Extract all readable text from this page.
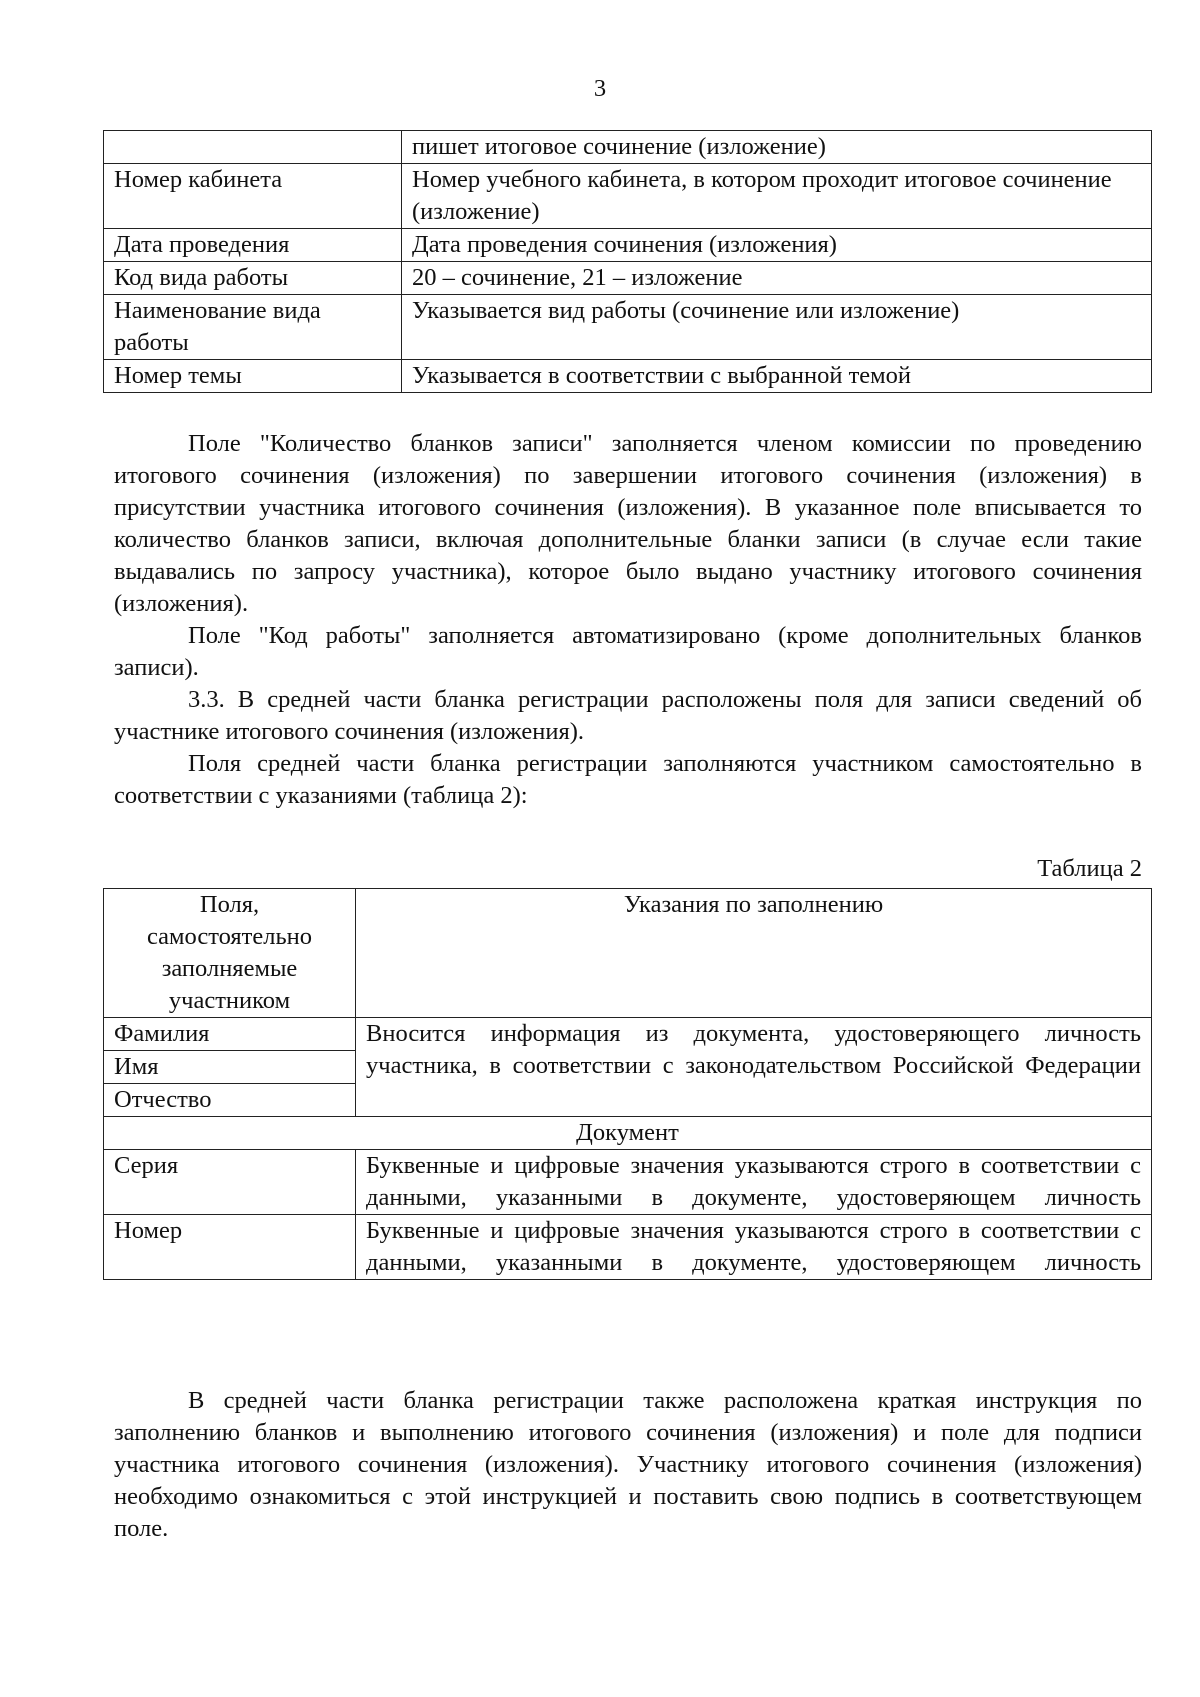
3
	пишет итоговое сочинение (изложение)
Номер кабинета	Номер учебного кабинета, в котором проходит итоговое сочинение (изложение)
Дата проведения	Дата проведения сочинения (изложения)
Код вида работы	20 – сочинение, 21 – изложение
Наименование вида работы	Указывается вид работы (сочинение или изложение)
Номер темы	Указывается в соответствии с выбранной темой

Поле "Количество бланков записи" заполняется членом комиссии по проведению итогового сочинения (изложения) по завершении итогового сочинения (изложения) в присутствии участника итогового сочинения (изложения). В указанное поле вписывается то количество бланков записи, включая дополнительные бланки записи (в случае если такие выдавались по запросу участника), которое было выдано участнику итогового сочинения (изложения).

Поле "Код работы" заполняется автоматизировано (кроме дополнительных бланков записи).

3.3. В средней части бланка регистрации расположены поля для записи сведений об участнике итогового сочинения (изложения).

Поля средней части бланка регистрации заполняются участником самостоятельно в соответствии с указаниями (таблица 2):

Таблица 2
Поля, самостоятельно заполняемые участником	Указания по заполнению
Фамилия	Вносится информация из документа, удостоверяющего личность участника, в соответствии с законодательством Российской Федерации
Имя	
Отчество	
Документ	
Серия	Буквенные и цифровые значения указываются строго в соответствии с данными, указанными в документе, удостоверяющем личность
Номер	Буквенные и цифровые значения указываются строго в соответствии с данными, указанными в документе, удостоверяющем личность

В средней части бланка регистрации также расположена краткая инструкция по заполнению бланков и выполнению итогового сочинения (изложения) и поле для подписи участника итогового сочинения (изложения). Участнику итогового сочинения (изложения) необходимо ознакомиться с этой инструкцией и поставить свою подпись в соответствующем поле.
